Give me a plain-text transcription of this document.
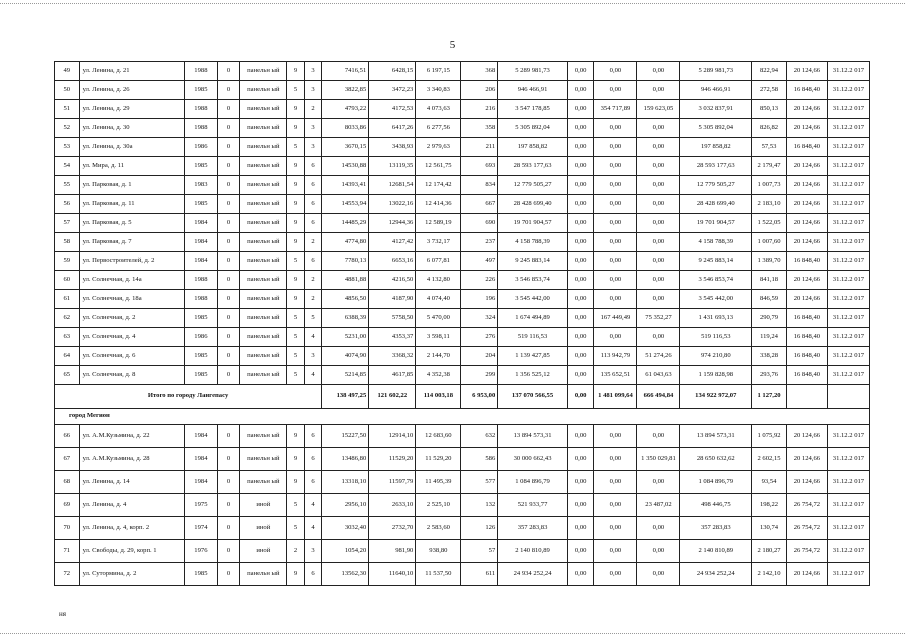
5
49	ул. Ленина, д. 21	1988	0	панельн ый	9	3	7416,51	6428,15	6 197,15	368	5 289 981,73	0,00	0,00	0,00	5 289 981,73	822,94	20 124,66	31.12.2 017
50	ул. Ленина, д. 26	1985	0	панельн ый	5	3	3822,85	3472,23	3 340,83	206	946 466,91	0,00	0,00	0,00	946 466,91	272,58	16 848,40	31.12.2 017
51	ул. Ленина, д. 29	1988	0	панельн ый	9	2	4793,22	4172,53	4 073,63	216	3 547 178,85	0,00	354 717,89	159 623,05	3 032 837,91	850,13	20 124,66	31.12.2 017
52	ул. Ленина, д. 30	1988	0	панельн ый	9	3	8033,86	6417,26	6 277,56	358	5 305 892,04	0,00	0,00	0,00	5 305 892,04	826,82	20 124,66	31.12.2 017
53	ул. Ленина, д. 30а	1986	0	панельн ый	5	3	3670,15	3438,93	2 979,63	211	197 858,82	0,00	0,00	0,00	197 858,82	57,53	16 848,40	31.12.2 017
54	ул. Мира, д. 11	1985	0	панельн ый	9	6	14530,88	13119,35	12 561,75	693	28 593 177,63	0,00	0,00	0,00	28 593 177,63	2 179,47	20 124,66	31.12.2 017
55	ул. Парковая, д. 1	1983	0	панельн ый	9	6	14393,41	12681,54	12 174,42	834	12 779 505,27	0,00	0,00	0,00	12 779 505,27	1 007,73	20 124,66	31.12.2 017
56	ул. Парковая, д. 11	1985	0	панельн ый	9	6	14553,94	13022,16	12 414,36	667	28 428 699,40	0,00	0,00	0,00	28 428 699,40	2 183,10	20 124,66	31.12.2 017
57	ул. Парковая, д. 5	1984	0	панельн ый	9	6	14485,29	12944,36	12 589,19	690	19 701 904,57	0,00	0,00	0,00	19 701 904,57	1 522,05	20 124,66	31.12.2 017
58	ул. Парковая, д. 7	1984	0	панельн ый	9	2	4774,80	4127,42	3 732,17	237	4 158 788,39	0,00	0,00	0,00	4 158 788,39	1 007,60	20 124,66	31.12.2 017
59	ул. Первостроителей, д. 2	1984	0	панельн ый	5	6	7780,13	6653,16	6 077,81	497	9 245 883,14	0,00	0,00	0,00	9 245 883,14	1 389,70	16 848,40	31.12.2 017
60	ул. Солнечная, д. 14а	1988	0	панельн ый	9	2	4881,88	4216,50	4 132,80	226	3 546 853,74	0,00	0,00	0,00	3 546 853,74	841,18	20 124,66	31.12.2 017
61	ул. Солнечная, д. 18а	1988	0	панельн ый	9	2	4856,50	4187,90	4 074,40	196	3 545 442,00	0,00	0,00	0,00	3 545 442,00	846,59	20 124,66	31.12.2 017
62	ул. Солнечная, д. 2	1985	0	панельн ый	5	5	6388,39	5758,50	5 470,00	324	1 674 494,89	0,00	167 449,49	75 352,27	1 431 693,13	290,79	16 848,40	31.12.2 017
63	ул. Солнечная, д. 4	1986	0	панельн ый	5	4	5231,00	4353,37	3 598,11	276	519 116,53	0,00	0,00	0,00	519 116,53	119,24	16 848,40	31.12.2 017
64	ул. Солнечная, д. 6	1985	0	панельн ый	5	3	4074,90	3368,32	2 144,70	204	1 139 427,85	0,00	113 942,79	51 274,26	974 210,80	338,28	16 848,40	31.12.2 017
65	ул. Солнечная, д. 8	1985	0	панельн ый	5	4	5214,85	4617,85	4 352,38	299	1 356 525,12	0,00	135 652,51	61 043,63	1 159 828,98	293,76	16 848,40	31.12.2 017
Итого по городу Лангепасу							138 497,25	121 602,22	114 003,18	6 953,00	137 070 566,55	0,00	1 481 099,64	666 494,84	134 922 972,07	1 127,20		
город Мегион																		
66	ул. А.М.Кузьмина, д. 22	1984	0	панельн ый	9	6	15227,50	12914,10	12 683,60	632	13 894 573,31	0,00	0,00	0,00	13 894 573,31	1 075,92	20 124,66	31.12.2 017
67	ул. А.М.Кузьмина, д. 28	1984	0	панельн ый	9	6	13486,80	11529,20	11 529,20	586	30 000 662,43	0,00	0,00	1 350 029,81	28 650 632,62	2 602,15	20 124,66	31.12.2 017
68	ул. Ленина, д. 14	1984	0	панельн ый	9	6	13318,10	11597,79	11 495,39	577	1 084 896,79	0,00	0,00	0,00	1 084 896,79	93,54	20 124,66	31.12.2 017
69	ул. Ленина, д. 4	1975	0	иной	5	4	2956,10	2633,10	2 525,10	132	521 933,77	0,00	0,00	23 487,02	498 446,75	198,22	26 754,72	31.12.2 017
70	ул. Ленина, д. 4, корп. 2	1974	0	иной	5	4	3032,40	2732,70	2 583,60	126	357 283,83	0,00	0,00	0,00	357 283,83	130,74	26 754,72	31.12.2 017
71	ул. Свободы, д. 29, корп. 1	1976	0	иной	2	3	1054,20	981,90	938,80	57	2 140 810,89	0,00	0,00	0,00	2 140 810,89	2 180,27	26 754,72	31.12.2 017
72	ул. Сутормина, д. 2	1985	0	панельн ый	9	6	13562,30	11640,10	11 537,50	611	24 934 252,24	0,00	0,00	0,00	24 934 252,24	2 142,10	20 124,66	31.12.2 017
ня
